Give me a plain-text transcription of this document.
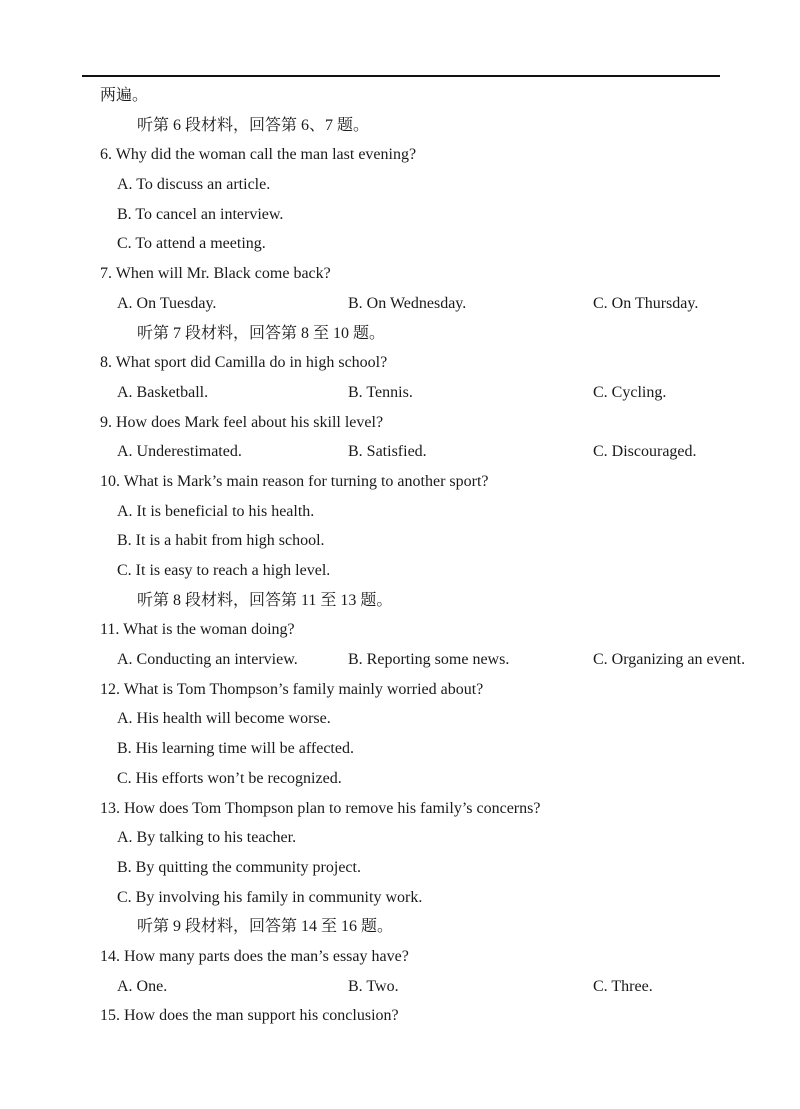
两遍。
听第 6 段材料，回答第 6、7 题。
6. Why did the woman call the man last evening?
A. To discuss an article.
B. To cancel an interview.
C. To attend a meeting.
7. When will Mr. Black come back?
A. On Tuesday.	B. On Wednesday.	C. On Thursday.
听第 7 段材料，回答第 8 至 10 题。
8. What sport did Camilla do in high school?
A. Basketball.	B. Tennis.	C. Cycling.
9. How does Mark feel about his skill level?
A. Underestimated.	B. Satisfied.	C. Discouraged.
10. What is Mark’s main reason for turning to another sport?
A. It is beneficial to his health.
B. It is a habit from high school.
C. It is easy to reach a high level.
听第 8 段材料，回答第 11 至 13 题。
11. What is the woman doing?
A. Conducting an interview.	B. Reporting some news.	C. Organizing an event.
12. What is Tom Thompson’s family mainly worried about?
A. His health will become worse.
B. His learning time will be affected.
C. His efforts won’t be recognized.
13. How does Tom Thompson plan to remove his family’s concerns?
A. By talking to his teacher.
B. By quitting the community project.
C. By involving his family in community work.
听第 9 段材料，回答第 14 至 16 题。
14. How many parts does the man’s essay have?
A. One.	B. Two.	C. Three.
15. How does the man support his conclusion?
